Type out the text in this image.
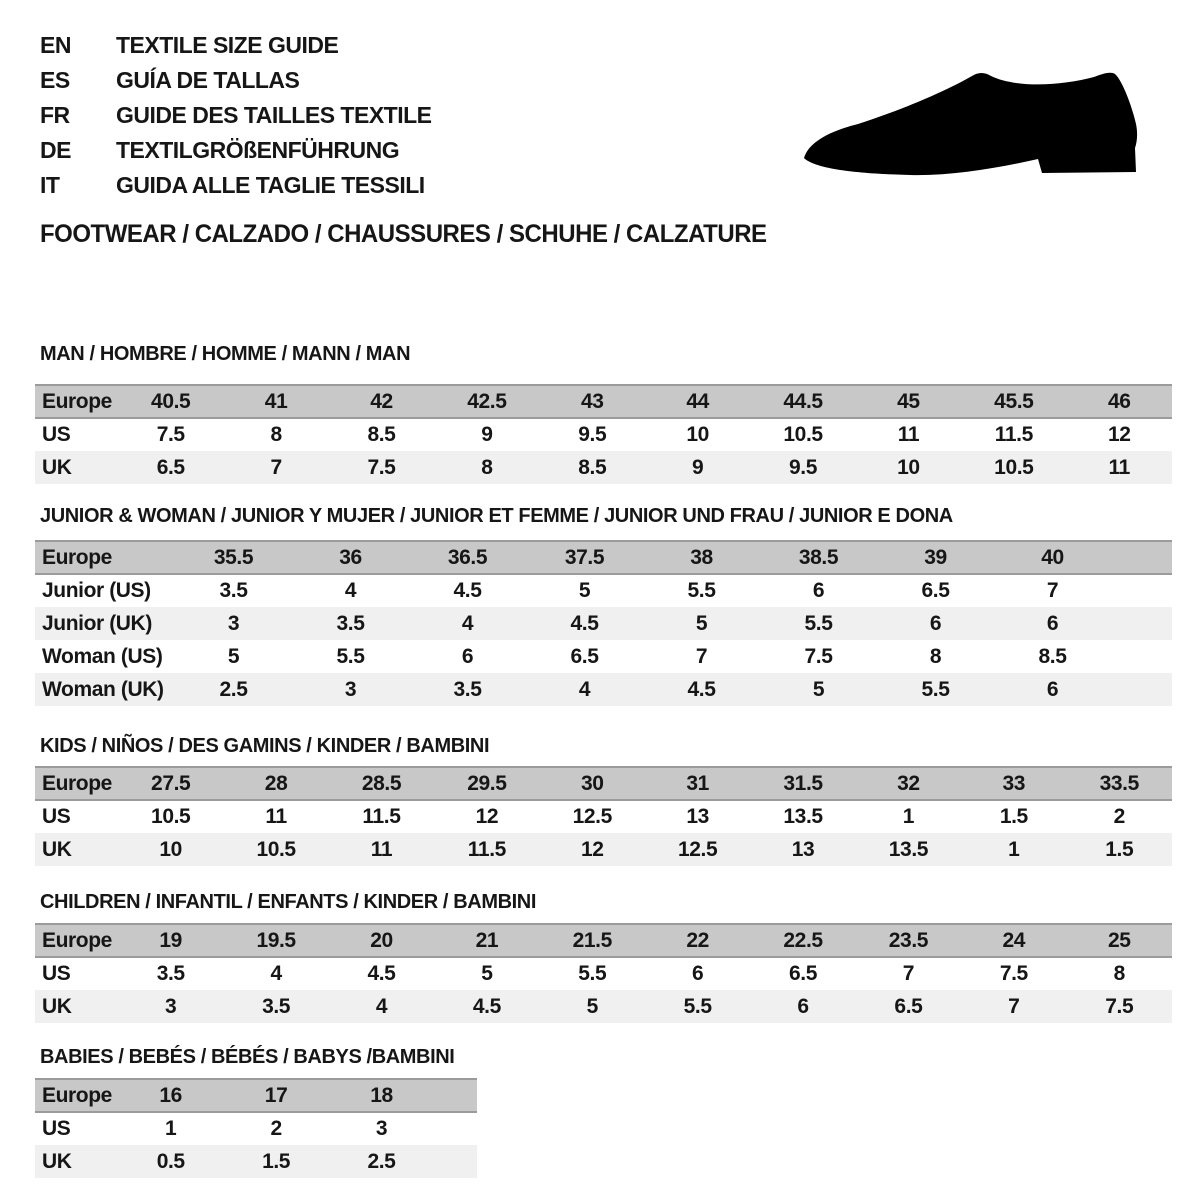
EN	TEXTILE SIZE GUIDE
ES	GUÍA DE TALLAS
FR	GUIDE DES TAILLES TEXTILE
DE	TEXTILGRÖßENFÜHRUNG
IT	GUIDA ALLE TAGLIE TESSILI
FOOTWEAR / CALZADO / CHAUSSURES / SCHUHE / CALZATURE
MAN / HOMBRE / HOMME / MANN / MAN
Europe	40.5	41	42	42.5	43	44	44.5	45	45.5	46
US	7.5	8	8.5	9	9.5	10	10.5	11	11.5	12
UK	6.5	7	7.5	8	8.5	9	9.5	10	10.5	11
JUNIOR & WOMAN / JUNIOR Y MUJER / JUNIOR ET FEMME / JUNIOR UND FRAU / JUNIOR E DONA
Europe	35.5	36	36.5	37.5	38	38.5	39	40	
Junior (US)	3.5	4	4.5	5	5.5	6	6.5	7	
Junior (UK)	3	3.5	4	4.5	5	5.5	6	6	
Woman (US)	5	5.5	6	6.5	7	7.5	8	8.5	
Woman (UK)	2.5	3	3.5	4	4.5	5	5.5	6	
KIDS / NIÑOS / DES GAMINS / KINDER / BAMBINI
Europe	27.5	28	28.5	29.5	30	31	31.5	32	33	33.5
US	10.5	11	11.5	12	12.5	13	13.5	1	1.5	2
UK	10	10.5	11	11.5	12	12.5	13	13.5	1	1.5
CHILDREN / INFANTIL / ENFANTS / KINDER / BAMBINI
Europe	19	19.5	20	21	21.5	22	22.5	23.5	24	25
US	3.5	4	4.5	5	5.5	6	6.5	7	7.5	8
UK	3	3.5	4	4.5	5	5.5	6	6.5	7	7.5
BABIES / BEBÉS / BÉBÉS / BABYS /BAMBINI
Europe	16	17	18	
US	1	2	3	
UK	0.5	1.5	2.5	
